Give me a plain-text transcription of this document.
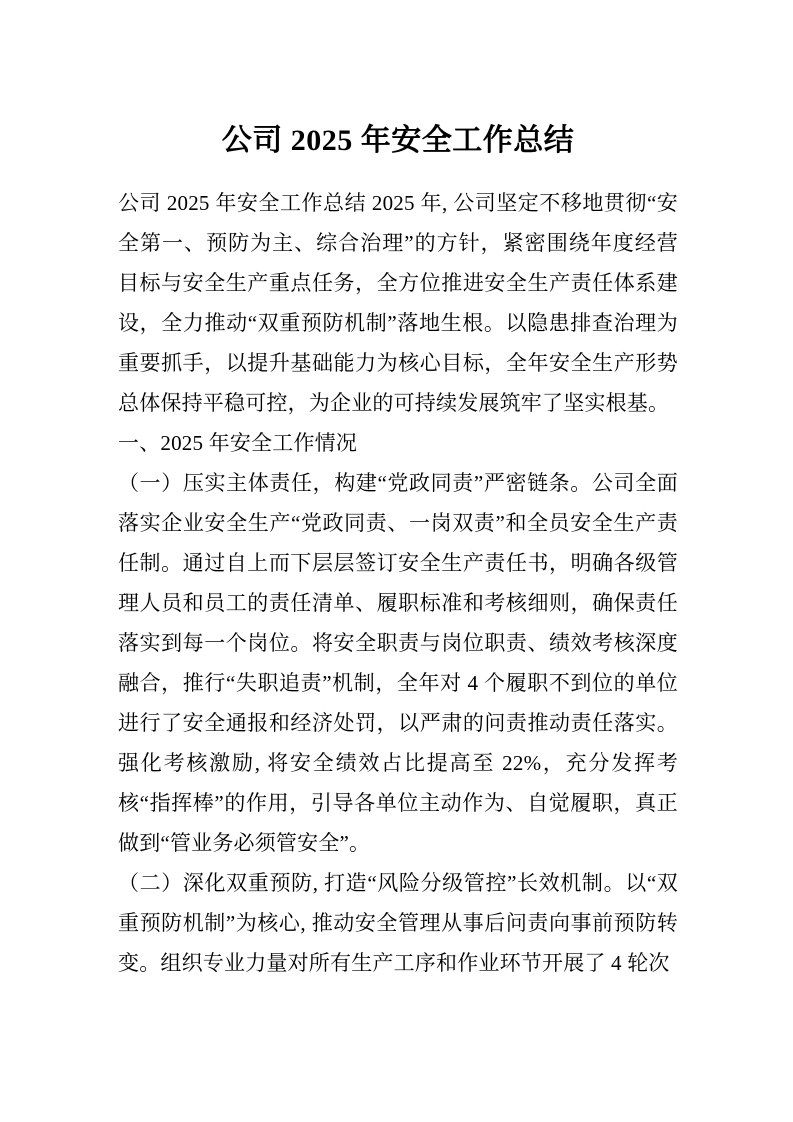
公司 2025 年安全工作总结

公司 2025 年安全工作总结 2025 年, 公司坚定不移地贯彻“安全第一、预防为主、综合治理”的方针，紧密围绕年度经营目标与安全生产重点任务，全方位推进安全生产责任体系建设，全力推动“双重预防机制”落地生根。以隐患排查治理为重要抓手，以提升基础能力为核心目标，全年安全生产形势总体保持平稳可控，为企业的可持续发展筑牢了坚实根基。

一、2025 年安全工作情况

（一）压实主体责任，构建“党政同责”严密链条。公司全面落实企业安全生产“党政同责、一岗双责”和全员安全生产责任制。通过自上而下层层签订安全生产责任书，明确各级管理人员和员工的责任清单、履职标准和考核细则，确保责任落实到每一个岗位。将安全职责与岗位职责、绩效考核深度融合，推行“失职追责”机制，全年对 4 个履职不到位的单位进行了安全通报和经济处罚，以严肃的问责推动责任落实。强化考核激励, 将安全绩效占比提高至 22%，充分发挥考核“指挥棒”的作用，引导各单位主动作为、自觉履职，真正做到“管业务必须管安全”。

（二）深化双重预防, 打造“风险分级管控”长效机制。以“双重预防机制”为核心, 推动安全管理从事后问责向事前预防转变。组织专业力量对所有生产工序和作业环节开展了 4 轮次
